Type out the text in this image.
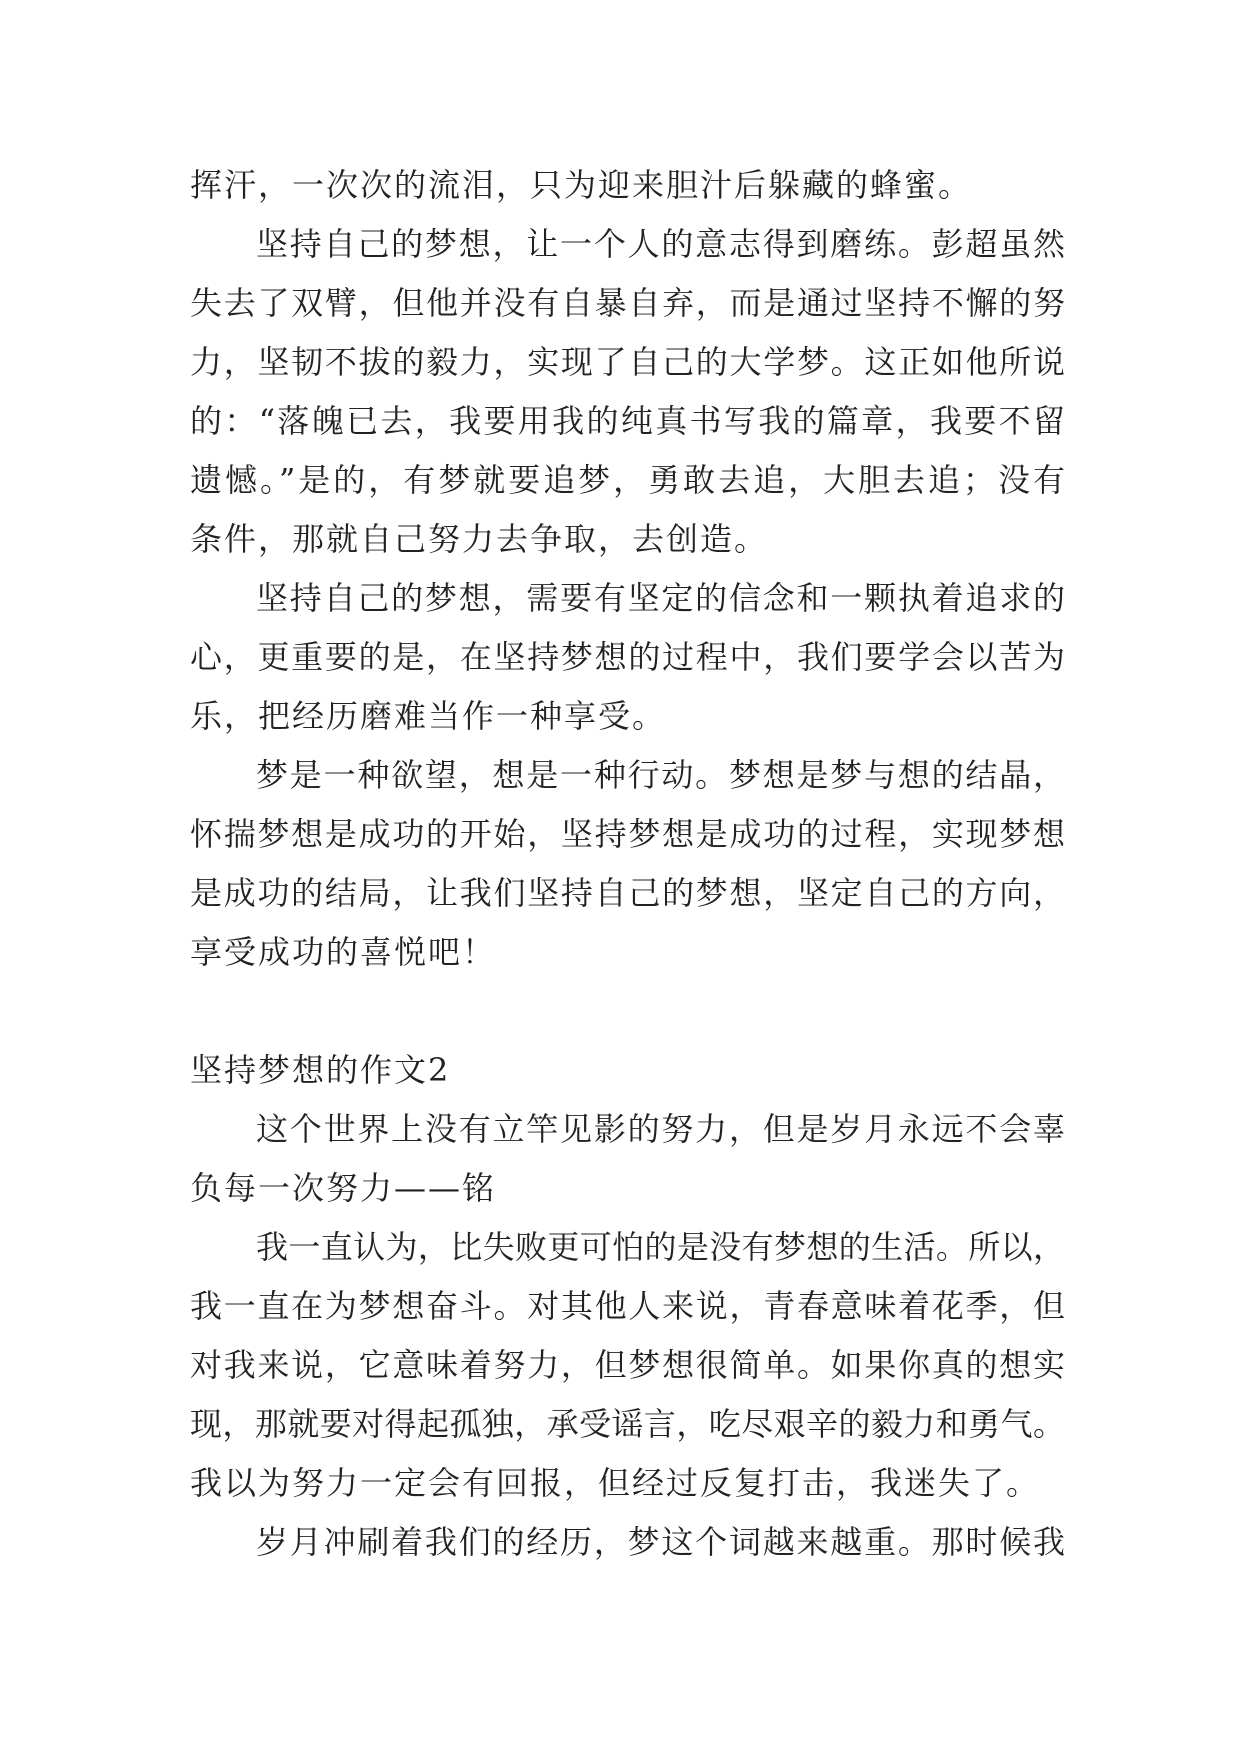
挥汗，一次次的流泪，只为迎来胆汁后躲藏的蜂蜜。
坚持自己的梦想，让一个人的意志得到磨练。彭超虽然
失去了双臂，但他并没有自暴自弃，而是通过坚持不懈的努
力，坚韧不拔的毅力，实现了自己的大学梦。这正如他所说
的：“落魄已去，我要用我的纯真书写我的篇章，我要不留
遗憾。”是的，有梦就要追梦，勇敢去追，大胆去追；没有
条件，那就自己努力去争取，去创造。
坚持自己的梦想，需要有坚定的信念和一颗执着追求的
心，更重要的是，在坚持梦想的过程中，我们要学会以苦为
乐，把经历磨难当作一种享受。
梦是一种欲望，想是一种行动。梦想是梦与想的结晶，
怀揣梦想是成功的开始，坚持梦想是成功的过程，实现梦想
是成功的结局，让我们坚持自己的梦想，坚定自己的方向，
享受成功的喜悦吧！
坚持梦想的作文2
这个世界上没有立竿见影的努力，但是岁月永远不会辜
负每一次努力——铭
我一直认为，比失败更可怕的是没有梦想的生活。所以，
我一直在为梦想奋斗。对其他人来说，青春意味着花季，但
对我来说，它意味着努力，但梦想很简单。如果你真的想实
现，那就要对得起孤独，承受谣言，吃尽艰辛的毅力和勇气。
我以为努力一定会有回报，但经过反复打击，我迷失了。
岁月冲刷着我们的经历，梦这个词越来越重。那时候我
